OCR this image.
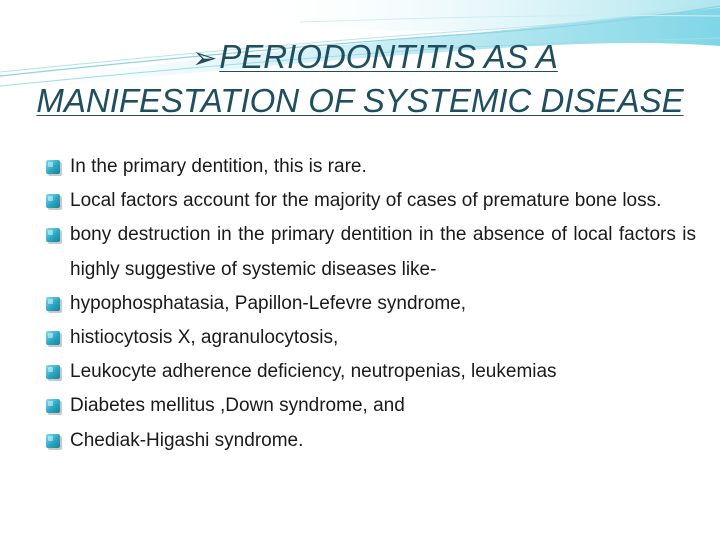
➢PERIODONTITIS AS A
MANIFESTATION OF SYSTEMIC DISEASE

In the primary dentition, this is rare.

Local factors account for the majority of cases of premature bone loss.

bony destruction in the primary dentition in the absence of local factors is highly suggestive of systemic diseases like-

hypophosphatasia, Papillon-Lefevre syndrome,

histiocytosis X, agranulocytosis,

Leukocyte adherence deficiency, neutropenias, leukemias

Diabetes mellitus ,Down syndrome, and

Chediak-Higashi syndrome.
